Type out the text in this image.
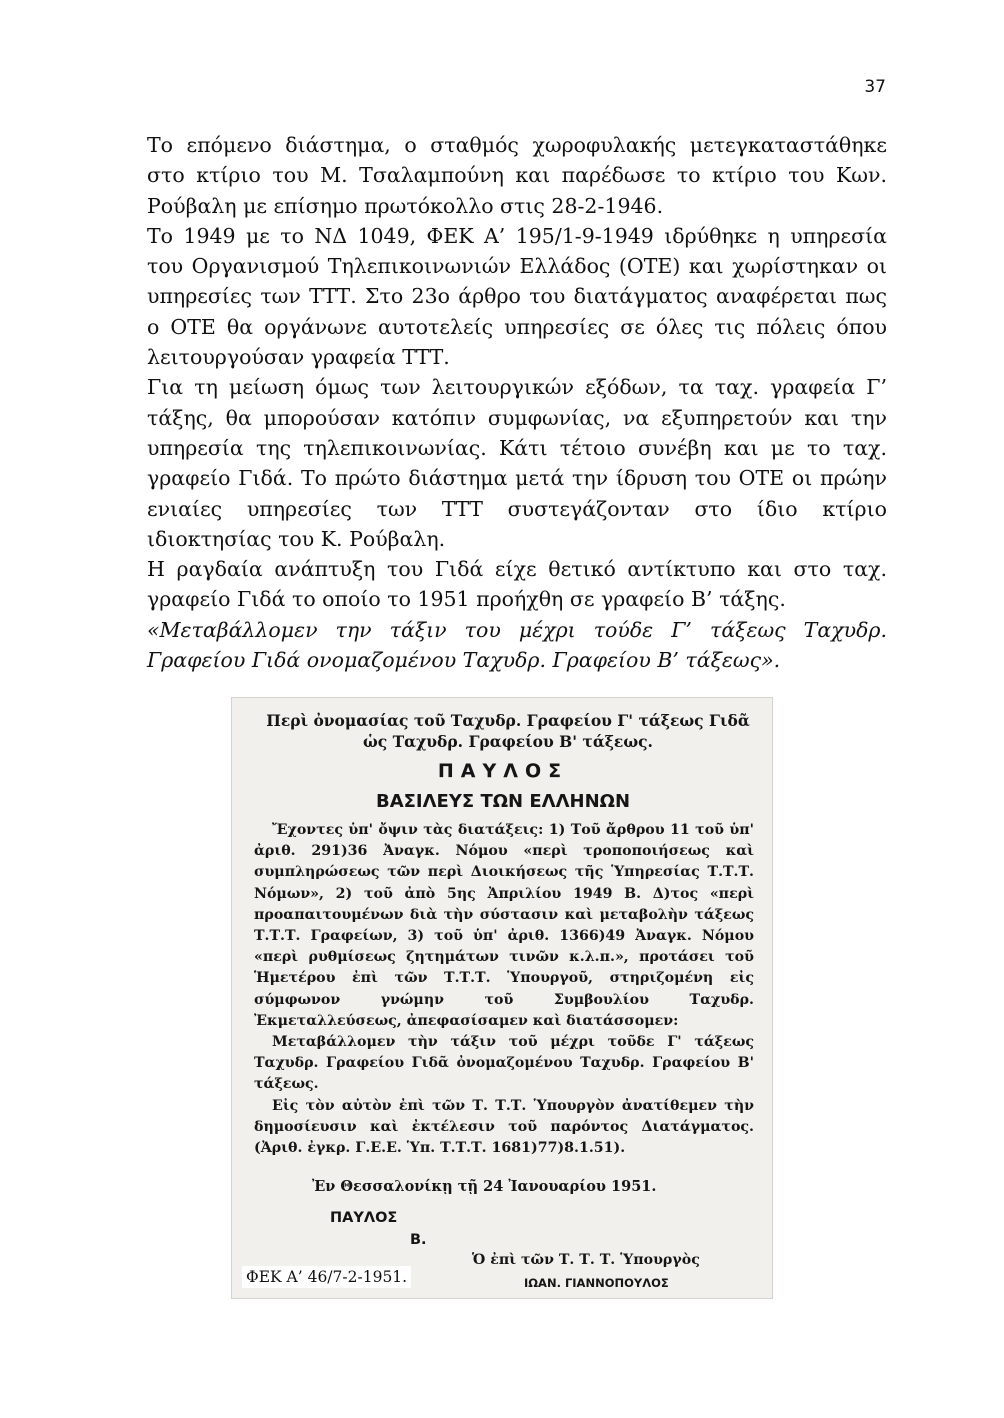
37

Το επόμενο διάστημα, ο σταθμός χωροφυλακής μετεγκαταστάθηκε στο κτίριο του Μ. Τσαλαμπούνη και παρέδωσε το κτίριο του Κων. Ρούβαλη με επίσημο πρωτόκολλο στις 28-2-1946.

Το 1949 με το ΝΔ 1049, ΦΕΚ Α’ 195/1-9-1949 ιδρύθηκε η υπηρεσία του Οργανισμού Τηλεπικοινωνιών Ελλάδος (ΟΤΕ) και χωρίστηκαν οι υπηρεσίες των ΤΤΤ. Στο 23ο άρθρο του διατάγματος αναφέρεται πως ο ΟΤΕ θα οργάνωνε αυτοτελείς υπηρεσίες σε όλες τις πόλεις όπου λειτουργούσαν γραφεία ΤΤΤ.

Για τη μείωση όμως των λειτουργικών εξόδων, τα ταχ. γραφεία Γ’ τάξης, θα μπορούσαν κατόπιν συμφωνίας, να εξυπηρετούν και την υπηρεσία της τηλεπικοινωνίας. Κάτι τέτοιο συνέβη και με το ταχ. γραφείο Γιδά. Το πρώτο διάστημα μετά την ίδρυση του ΟΤΕ οι πρώην ενιαίες υπηρεσίες των ΤΤΤ συστεγάζονταν στο ίδιο κτίριο ιδιοκτησίας του Κ. Ρούβαλη.

Η ραγδαία ανάπτυξη του Γιδά είχε θετικό αντίκτυπο και στο ταχ. γραφείο Γιδά το οποίο το 1951 προήχθη σε γραφείο Β’ τάξης.

«Μεταβάλλομεν την τάξιν του μέχρι τούδε Γ’ τάξεως Ταχυδρ. Γραφείου Γιδά ονομαζομένου Ταχυδρ. Γραφείου Β’ τάξεως».

Περὶ ὀνομασίας τοῦ Ταχυδρ. Γραφείου Γ' τάξεως Γιδᾶ ὡς Ταχυδρ. Γραφείου Β' τάξεως.
ΠΑΥΛΟΣ
ΒΑΣΙΛΕΥΣ ΤΩΝ ΕΛΛΗΝΩΝ

Ἔχοντες ὑπ' ὄψιν τὰς διατάξεις: 1) Τοῦ ἄρθρου 11 τοῦ ὑπ' ἀριθ. 291)36 Ἀναγκ. Νόμου «περὶ τροποποιήσεως καὶ συμπληρώσεως τῶν περὶ Διοικήσεως τῆς Ὑπηρεσίας Τ.Τ.Τ. Νόμων», 2) τοῦ ἀπὸ 5ης Ἀπριλίου 1949 Β. Δ)τος «περὶ προαπαιτουμένων διὰ τὴν σύστασιν καὶ μεταβολὴν τάξεως Τ.Τ.Τ. Γραφείων, 3) τοῦ ὑπ' ἀριθ. 1366)49 Ἀναγκ. Νόμου «περὶ ρυθμίσεως ζητημάτων τινῶν κ.λ.π.», προτάσει τοῦ Ἡμετέρου ἐπὶ τῶν Τ.Τ.Τ. Ὑπουργοῦ, στηριζομένη εἰς σύμφωνον γνώμην τοῦ Συμβουλίου Ταχυδρ. Ἐκμεταλλεύσεως, ἀπεφασίσαμεν καὶ διατάσσομεν:

Μεταβάλλομεν τὴν τάξιν τοῦ μέχρι τοῦδε Γ' τάξεως Ταχυδρ. Γραφείου Γιδᾶ ὀνομαζομένου Ταχυδρ. Γραφείου Β' τάξεως.

Εἰς τὸν αὐτὸν ἐπὶ τῶν Τ. Τ.Τ. Ὑπουργὸν ἀνατίθεμεν τὴν δημοσίευσιν καὶ ἐκτέλεσιν τοῦ παρόντος Διατάγματος. (Ἀριθ. ἐγκρ. Γ.Ε.Ε. Ὑπ. Τ.Τ.Τ. 1681)77)8.1.51).

Ἐν Θεσσαλονίκῃ τῇ 24 Ἰανουαρίου 1951.
ΠΑΥΛΟΣ
Β.
Ὁ ἐπὶ τῶν Τ. Τ. Τ. Ὑπουργὸς
ΙΩΑΝ. ΓΙΑΝΝΟΠΟΥΛΟΣ
ΦΕΚ Α’ 46/7-2-1951.
